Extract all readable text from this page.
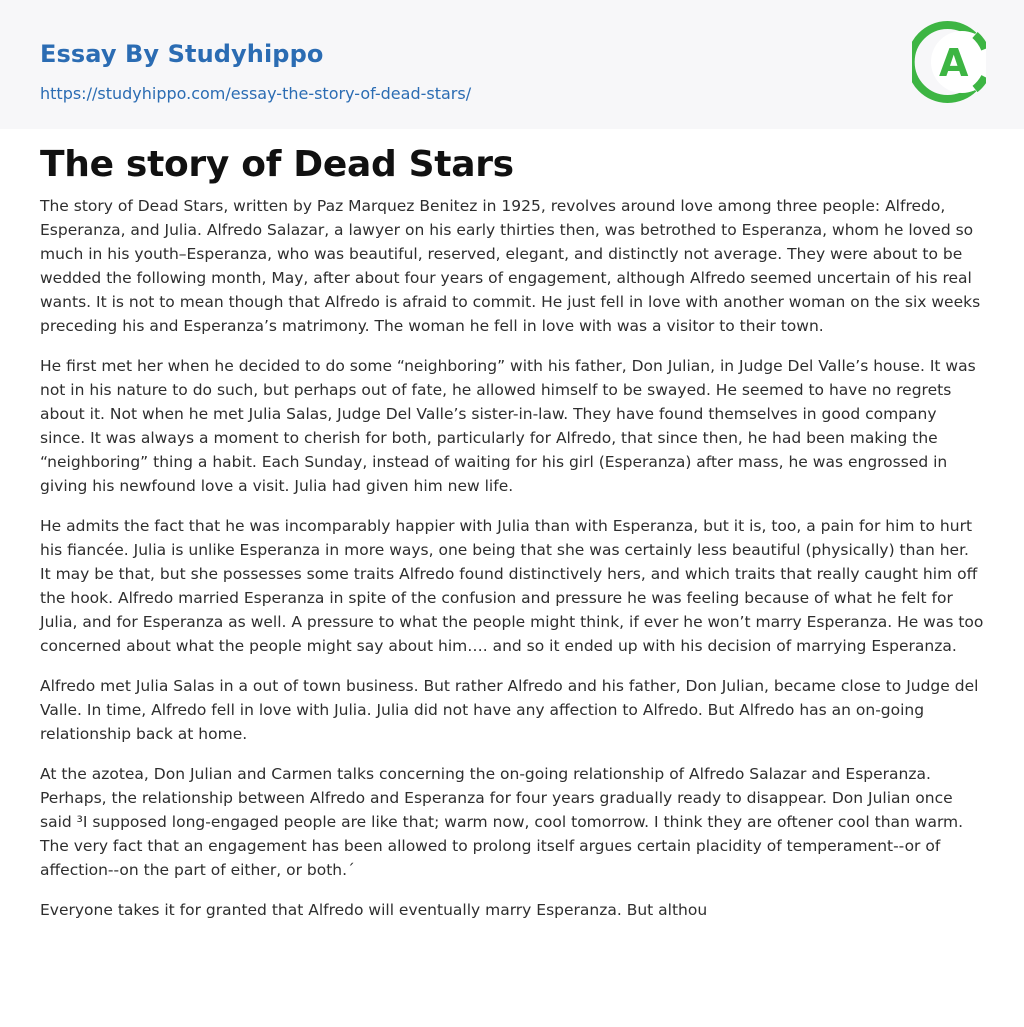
Essay By Studyhippo
https://studyhippo.com/essay-the-story-of-dead-stars/
A
The story of Dead Stars

The story of Dead Stars, written by Paz Marquez Benitez in 1925, revolves around love among three people: Alfredo, Esperanza, and Julia. Alfredo Salazar, a lawyer on his early thirties then, was betrothed to Esperanza, whom he loved so much in his youth–Esperanza, who was beautiful, reserved, elegant, and distinctly not average. They were about to be wedded the following month, May, after about four years of engagement, although Alfredo seemed uncertain of his real wants. It is not to mean though that Alfredo is afraid to commit. He just fell in love with another woman on the six weeks preceding his and Esperanza’s matrimony. The woman he fell in love with was a visitor to their town.

He first met her when he decided to do some “neighboring” with his father, Don Julian, in Judge Del Valle’s house. It was not in his nature to do such, but perhaps out of fate, he allowed himself to be swayed. He seemed to have no regrets about it. Not when he met Julia Salas, Judge Del Valle’s sister-in-law. They have found themselves in good company since. It was always a moment to cherish for both, particularly for Alfredo, that since then, he had been making the “neighboring” thing a habit. Each Sunday, instead of waiting for his girl (Esperanza) after mass, he was engrossed in giving his newfound love a visit. Julia had given him new life.

He admits the fact that he was incomparably happier with Julia than with Esperanza, but it is, too, a pain for him to hurt his fiancée. Julia is unlike Esperanza in more ways, one being that she was certainly less beautiful (physically) than her. It may be that, but she possesses some traits Alfredo found distinctively hers, and which traits that really caught him off the hook. Alfredo married Esperanza in spite of the confusion and pressure he was feeling because of what he felt for Julia, and for Esperanza as well. A pressure to what the people might think, if ever he won’t marry Esperanza. He was too concerned about what the people might say about him…. and so it ended up with his decision of marrying Esperanza.

Alfredo met Julia Salas in a out of town business. But rather Alfredo and his father, Don Julian, became close to Judge del Valle. In time, Alfredo fell in love with Julia. Julia did not have any affection to Alfredo. But Alfredo has an on-going relationship back at home.

At the azotea, Don Julian and Carmen talks concerning the on-going relationship of Alfredo Salazar and Esperanza. Perhaps, the relationship between Alfredo and Esperanza for four years gradually ready to disappear. Don Julian once said ³I supposed long-engaged people are like that; warm now, cool tomorrow. I think they are oftener cool than warm. The very fact that an engagement has been allowed to prolong itself argues certain placidity of temperament--or of affection--on the part of either, or both.´

Everyone takes it for granted that Alfredo will eventually marry Esperanza. But althou
